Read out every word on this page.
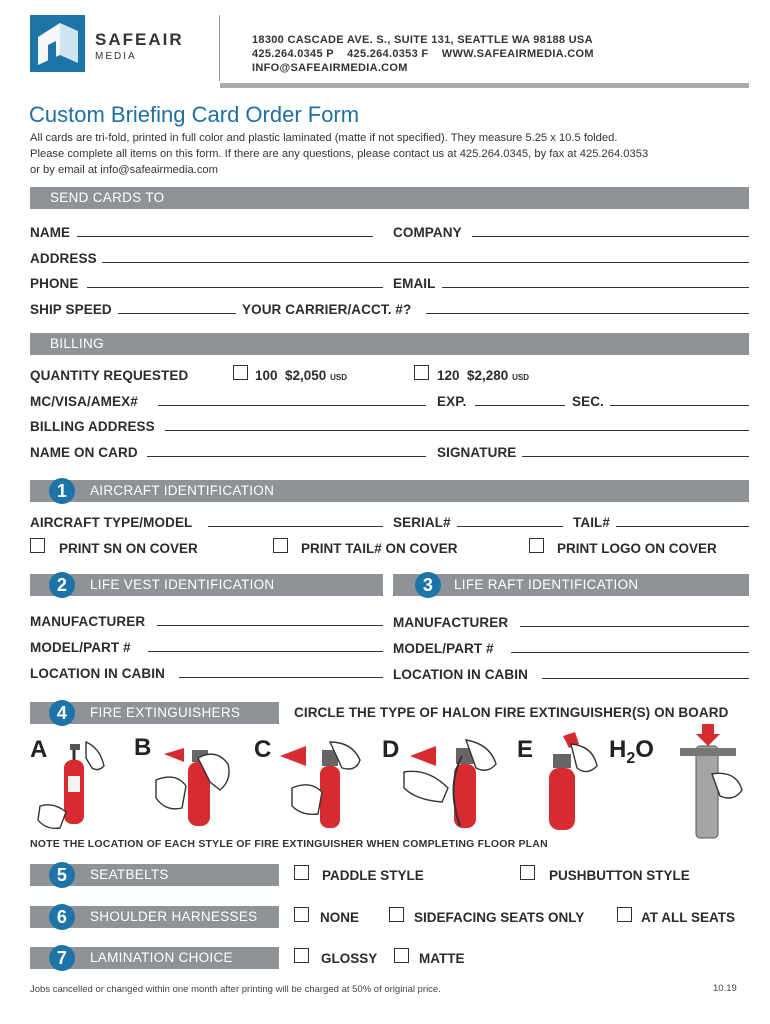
SAFEAIR
MEDIA
18300 CASCADE AVE. S., SUITE 131, SEATTLE WA 98188 USA
425.264.0345 P    425.264.0353 F    WWW.SAFEAIRMEDIA.COM
INFO@SAFEAIRMEDIA.COM
Custom Briefing Card Order Form
All cards are tri-fold, printed in full color and plastic laminated (matte if not specified). They measure 5.25 x 10.5 folded.
Please complete all items on this form. If there are any questions, please contact us at 425.264.0345, by fax at 425.264.0353
or by email at info@safeairmedia.com
SEND CARDS TO
NAME	COMPANY
ADDRESS
PHONE	EMAIL
SHIP SPEED	YOUR CARRIER/ACCT. #?
BILLING
QUANTITY REQUESTED	100  $2,050 USD	120  $2,280 USD
MC/VISA/AMEX#	EXP.	SEC.
BILLING ADDRESS
NAME ON CARD	SIGNATURE
1	AIRCRAFT IDENTIFICATION
AIRCRAFT TYPE/MODEL	SERIAL#	TAIL#
PRINT SN ON COVER	PRINT TAIL# ON COVER	PRINT LOGO ON COVER
2	LIFE VEST IDENTIFICATION	3	LIFE RAFT IDENTIFICATION
MANUFACTURER	MANUFACTURER
MODEL/PART #	MODEL/PART #
LOCATION IN CABIN	LOCATION IN CABIN
4	FIRE EXTINGUISHERS	CIRCLE THE TYPE OF HALON FIRE EXTINGUISHER(S) ON BOARD
A	B	C	D	E	$H_2O$
NOTE THE LOCATION OF EACH STYLE OF FIRE EXTINGUISHER WHEN COMPLETING FLOOR PLAN
5	SEATBELTS	PADDLE STYLE	PUSHBUTTON STYLE
6	SHOULDER HARNESSES	NONE	SIDEFACING SEATS ONLY	AT ALL SEATS
7	LAMINATION CHOICE	GLOSSY	MATTE
Jobs cancelled or changed within one month after printing will be charged at 50% of original price.	10.19
